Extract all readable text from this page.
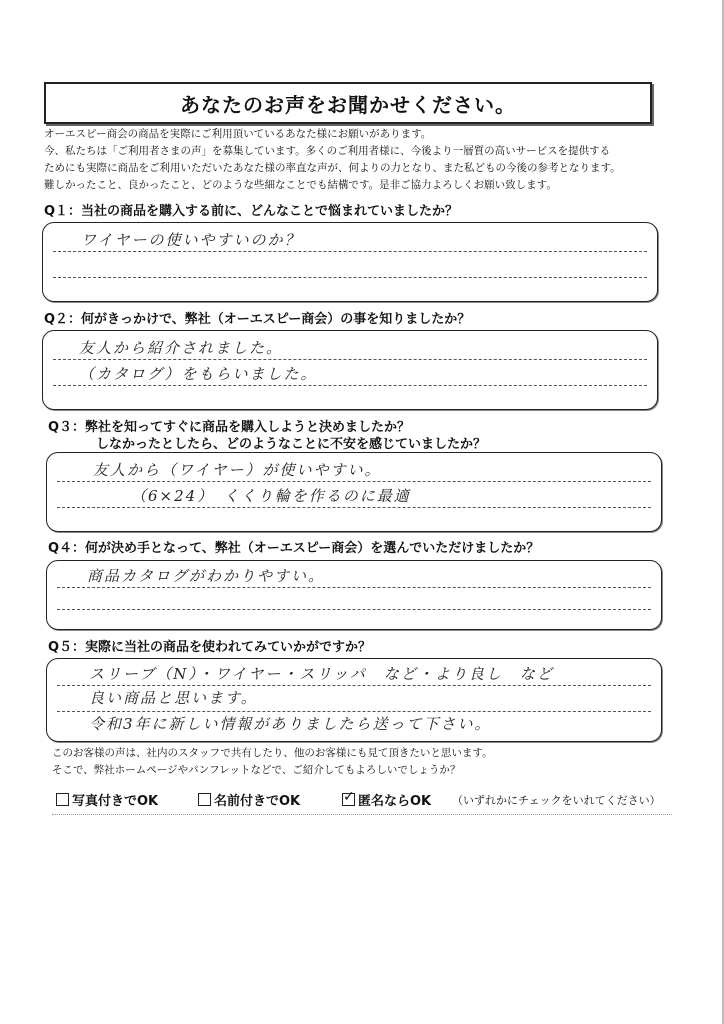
あなたのお声をお聞かせください。
オーエスピー商会の商品を実際にご利用頂いているあなた様にお願いがあります。
今、私たちは「ご利用者さまの声」を募集しています。多くのご利用者様に、今後より一層質の高いサービスを提供する
ためにも実際に商品をご利用いただいたあなた様の率直な声が、何よりの力となり、また私どもの今後の参考となります。
難しかったこと、良かったこと、どのような些細なことでも結構です。是非ご協力よろしくお願い致します。
Q１：当社の商品を購入する前に、どんなことで悩まれていましたか？
ワイヤーの使いやすいのか？
Q２：何がきっかけで、弊社（オーエスピー商会）の事を知りましたか？
友人から紹介されました。
（カタログ）をもらいました。
Q３：弊社を知ってすぐに商品を購入しようと決めましたか？
しなかったとしたら、どのようなことに不安を感じていましたか？
友人から（ワイヤー）が使いやすい。
（6×24）　くくり輪を作るのに最適
Q４：何が決め手となって、弊社（オーエスピー商会）を選んでいただけましたか？
商品カタログがわかりやすい。
Q５：実際に当社の商品を使われてみていかがですか？
スリーブ（N）・ワイヤー・スリッパ　など・より良し　など
良い商品と思います。
令和3年に新しい情報がありましたら送って下さい。
このお客様の声は、社内のスタッフで共有したり、他のお客様にも見て頂きたいと思います。
そこで、弊社ホームページやパンフレットなどで、ご紹介してもよろしいでしょうか？
写真付きでOK	名前付きでOK	✓ 匿名ならOK （いずれかにチェックをいれてください）
